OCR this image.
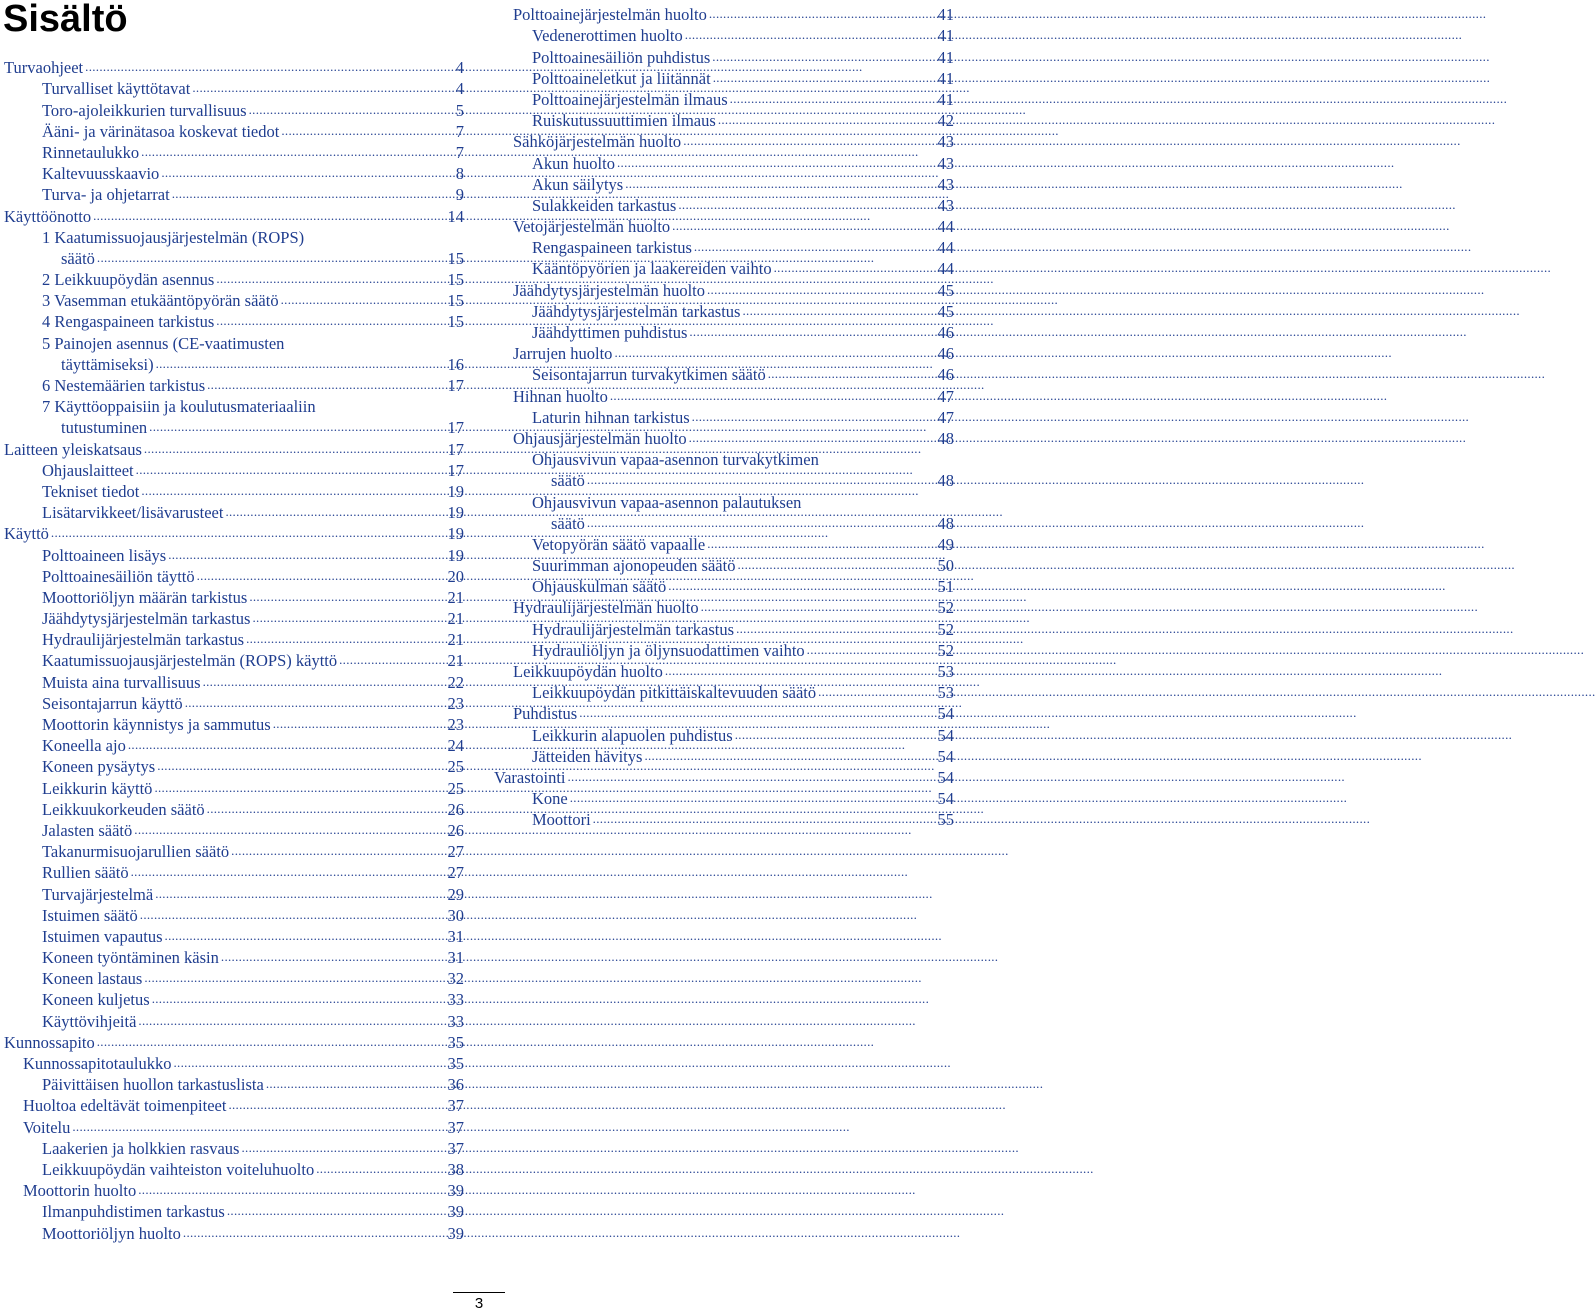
Sisältö
Turvaohjeet .....	4
Turvalliset käyttötavat .....	4
Toro-ajoleikkurien turvallisuus .....	5
Ääni- ja värinätasoa koskevat tiedot .....	7
Rinnetaulukko .....	7
Kaltevuusskaavio .....	8
Turva- ja ohjetarrat .....	9
Käyttöönotto .....	14
1 Kaatumissuojausjärjestelmän (ROPS)
säätö .....	15
2 Leikkuupöydän asennus .....	15
3 Vasemman etukääntöpyörän säätö .....	15
4 Rengaspaineen tarkistus .....	15
5 Painojen asennus (CE-vaatimusten
täyttämiseksi) .....	16
6 Nestemäärien tarkistus .....	17
7 Käyttöoppaisiin ja koulutusmateriaaliin
tutustuminen .....	17
Laitteen yleiskatsaus .....	17
Ohjauslaitteet .....	17
Tekniset tiedot .....	19
Lisätarvikkeet/lisävarusteet .....	19
Käyttö .....	19
Polttoaineen lisäys .....	19
Polttoainesäiliön täyttö .....	20
Moottoriöljyn määrän tarkistus .....	21
Jäähdytysjärjestelmän tarkastus .....	21
Hydraulijärjestelmän tarkastus .....	21
Kaatumissuojausjärjestelmän (ROPS) käyttö .....	21
Muista aina turvallisuus .....	22
Seisontajarrun käyttö .....	23
Moottorin käynnistys ja sammutus .....	23
Koneella ajo .....	24
Koneen pysäytys .....	25
Leikkurin käyttö .....	25
Leikkuukorkeuden säätö .....	26
Jalasten säätö .....	26
Takanurmisuojarullien säätö .....	27
Rullien säätö .....	27
Turvajärjestelmä .....	29
Istuimen säätö .....	30
Istuimen vapautus .....	31
Koneen työntäminen käsin .....	31
Koneen lastaus .....	32
Koneen kuljetus .....	33
Käyttövihjeitä .....	33
Kunnossapito .....	35
Kunnossapitotaulukko .....	35
Päivittäisen huollon tarkastuslista .....	36
Huoltoa edeltävät toimenpiteet .....	37
Voitelu .....	37
Laakerien ja holkkien rasvaus .....	37
Leikkuupöydän vaihteiston voiteluhuolto .....	38
Moottorin huolto .....	39
Ilmanpuhdistimen tarkastus .....	39
Moottoriöljyn huolto .....	39
Polttoainejärjestelmän huolto .....	41
Vedenerottimen huolto .....	41
Polttoainesäiliön puhdistus .....	41
Polttoaineletkut ja liitännät .....	41
Polttoainejärjestelmän ilmaus .....	41
Ruiskutussuuttimien ilmaus .....	42
Sähköjärjestelmän huolto .....	43
Akun huolto .....	43
Akun säilytys .....	43
Sulakkeiden tarkastus .....	43
Vetojärjestelmän huolto .....	44
Rengaspaineen tarkistus .....	44
Kääntöpyörien ja laakereiden vaihto .....	44
Jäähdytysjärjestelmän huolto .....	45
Jäähdytysjärjestelmän tarkastus .....	45
Jäähdyttimen puhdistus .....	46
Jarrujen huolto .....	46
Seisontajarrun turvakytkimen säätö .....	46
Hihnan huolto .....	47
Laturin hihnan tarkistus .....	47
Ohjausjärjestelmän huolto .....	48
Ohjausvivun vapaa-asennon turvakytkimen
säätö .....	48
Ohjausvivun vapaa-asennon palautuksen
säätö .....	48
Vetopyörän säätö vapaalle .....	49
Suurimman ajonopeuden säätö .....	50
Ohjauskulman säätö .....	51
Hydraulijärjestelmän huolto .....	52
Hydraulijärjestelmän tarkastus .....	52
Hydrauliöljyn ja öljynsuodattimen vaihto .....	52
Leikkuupöydän huolto .....	53
Leikkuupöydän pitkittäiskaltevuuden säätö .....	53
Puhdistus .....	54
Leikkurin alapuolen puhdistus .....	54
Jätteiden hävitys .....	54
Varastointi .....	54
Kone .....	54
Moottori .....	55
3
